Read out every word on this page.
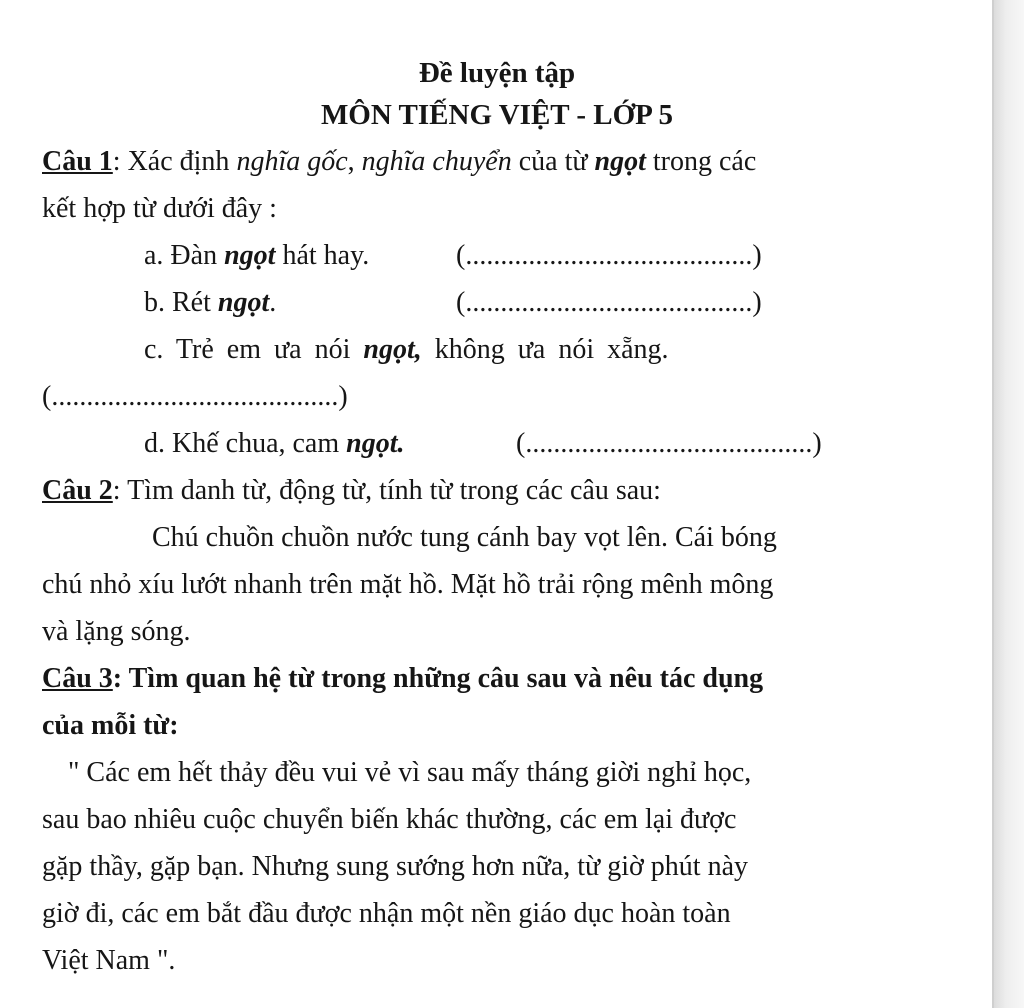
Đề luyện tập
MÔN TIẾNG VIỆT - LỚP 5
Câu 1: Xác định nghĩa gốc, nghĩa chuyển của từ ngọt trong các
kết hợp từ dưới đây :
a. Đàn ngọt hát hay.	(.........................................)
b. Rét ngọt.	(.........................................)
c. Trẻ em ưa nói ngọt, không ưa nói xẵng.
(.........................................)
d. Khế chua, cam ngọt.	(.........................................)
Câu 2: Tìm danh từ, động từ, tính từ trong các câu sau:
Chú chuồn chuồn nước tung cánh bay vọt lên. Cái bóng
chú nhỏ xíu lướt nhanh trên mặt hồ. Mặt hồ trải rộng mênh mông
và lặng sóng.
Câu 3: Tìm quan hệ từ trong những câu sau và nêu tác dụng
của mỗi từ:
" Các em hết thảy đều vui vẻ vì sau mấy tháng giời nghỉ học,
sau bao nhiêu cuộc chuyển biến khác thường, các em lại được
gặp thầy, gặp bạn. Nhưng sung sướng hơn nữa, từ giờ phút này
giờ đi, các em bắt đầu được nhận một nền giáo dục hoàn toàn
Việt Nam ".
